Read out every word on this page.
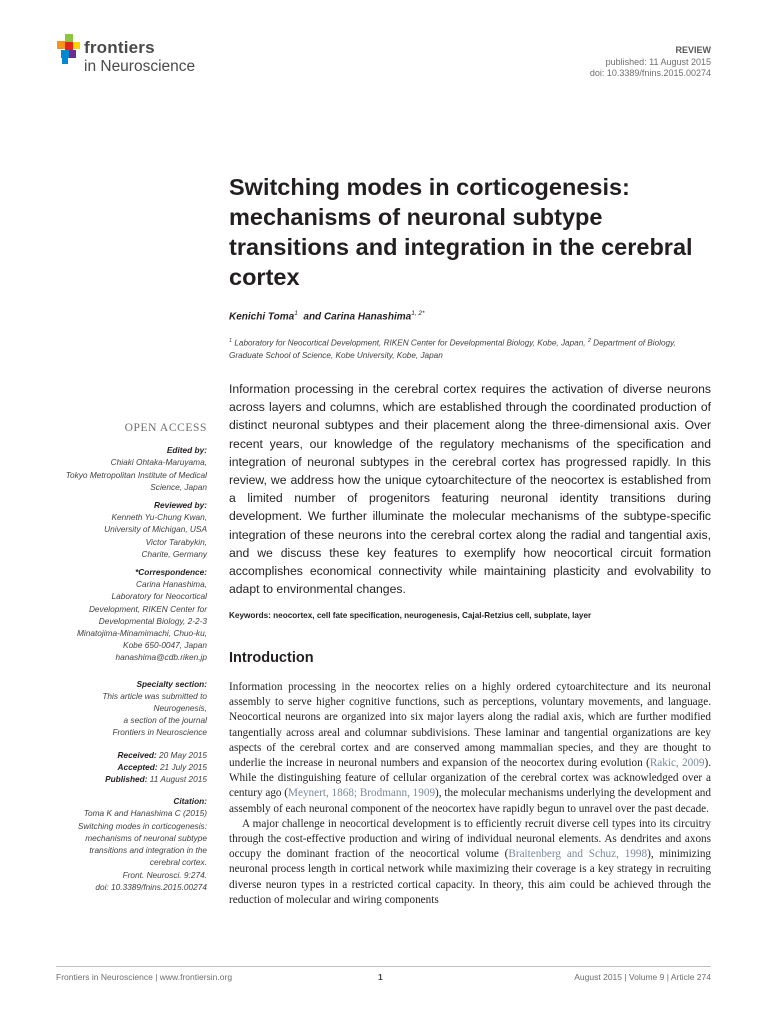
frontiers
in Neuroscience
REVIEW
published: 11 August 2015
doi: 10.3389/fnins.2015.00274
Switching modes in corticogenesis: mechanisms of neuronal subtype transitions and integration in the cerebral cortex
Kenichi Toma$^1$ and Carina Hanashima$^{1, 2*}$
$^1$ Laboratory for Neocortical Development, RIKEN Center for Developmental Biology, Kobe, Japan, $^2$ Department of Biology,
Graduate School of Science, Kobe University, Kobe, Japan
Information processing in the cerebral cortex requires the activation of diverse neurons across layers and columns, which are established through the coordinated production of distinct neuronal subtypes and their placement along the three-dimensional axis. Over recent years, our knowledge of the regulatory mechanisms of the specification and integration of neuronal subtypes in the cerebral cortex has progressed rapidly. In this review, we address how the unique cytoarchitecture of the neocortex is established from a limited number of progenitors featuring neuronal identity transitions during development. We further illuminate the molecular mechanisms of the subtype-specific integration of these neurons into the cerebral cortex along the radial and tangential axis, and we discuss these key features to exemplify how neocortical circuit formation accomplishes economical connectivity while maintaining plasticity and evolvability to adapt to environmental changes.
Keywords: neocortex, cell fate specification, neurogenesis, Cajal-Retzius cell, subplate, layer
Introduction

Information processing in the neocortex relies on a highly ordered cytoarchitecture and its neuronal assembly to serve higher cognitive functions, such as perceptions, voluntary movements, and language. Neocortical neurons are organized into six major layers along the radial axis, which are further modified tangentially across areal and columnar subdivisions. These laminar and tangential organizations are key aspects of the cerebral cortex and are conserved among mammalian species, and they are thought to underlie the increase in neuronal numbers and expansion of the neocortex during evolution (Rakic, 2009). While the distinguishing feature of cellular organization of the cerebral cortex was acknowledged over a century ago (Meynert, 1868; Brodmann, 1909), the molecular mechanisms underlying the development and assembly of each neuronal component of the neocortex have rapidly begun to unravel over the past decade.

A major challenge in neocortical development is to efficiently recruit diverse cell types into its circuitry through the cost-effective production and wiring of individual neuronal elements. As dendrites and axons occupy the dominant fraction of the neocortical volume (Braitenberg and Schuz, 1998), minimizing neuronal process length in cortical network while maximizing their coverage is a key strategy in recruiting diverse neuron types in a restricted cortical capacity. In theory, this aim could be achieved through the reduction of molecular and wiring components

OPEN ACCESS
Edited by:
Chiaki Ohtaka-Maruyama,
Tokyo Metropolitan Institute of Medical
Science, Japan
Reviewed by:
Kenneth Yu-Chung Kwan,
University of Michigan, USA
Victor Tarabykin,
Charite, Germany
*Correspondence:
Carina Hanashima,
Laboratory for Neocortical
Development, RIKEN Center for
Developmental Biology, 2-2-3
Minatojima-Minamimachi, Chuo-ku,
Kobe 650-0047, Japan
hanashima@cdb.riken.jp
Specialty section:
This article was submitted to
Neurogenesis,
a section of the journal
Frontiers in Neuroscience
Received: 20 May 2015
Accepted: 21 July 2015
Published: 11 August 2015
Citation:
Toma K and Hanashima C (2015)
Switching modes in corticogenesis:
mechanisms of neuronal subtype
transitions and integration in the
cerebral cortex.
Front. Neurosci. 9:274.
doi: 10.3389/fnins.2015.00274
Frontiers in Neuroscience | www.frontiersin.org	1	August 2015 | Volume 9 | Article 274
